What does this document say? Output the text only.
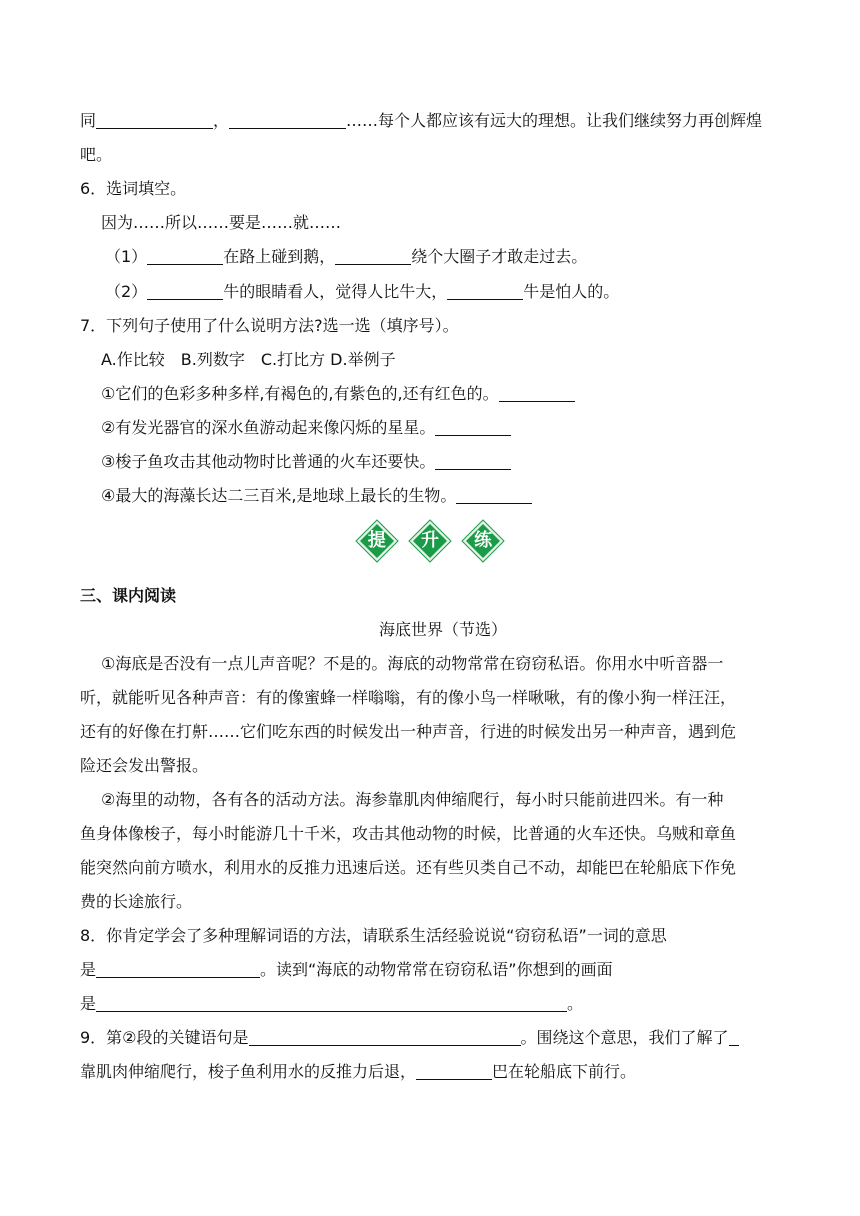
同	，	……每个人都应该有远大的理想。让我们继续努力再创辉煌
吧。
6．选词填空。
因为……所以……要是……就……
（1）	在路上碰到鹅，	绕个大圈子才敢走过去。
（2）	牛的眼睛看人，觉得人比牛大，	牛是怕人的。
7．下列句子使用了什么说明方法?选一选（填序号）。
A.作比较　B.列数字　C.打比方 D.举例子
①它们的色彩多种多样,有褐色的,有紫色的,还有红色的。
②有发光器官的深水鱼游动起来像闪烁的星星。
③梭子鱼攻击其他动物时比普通的火车还要快。
④最大的海藻长达二三百米,是地球上最长的生物。
提
	升
	练
三、课内阅读
海底世界（节选）
①海底是否没有一点儿声音呢？不是的。海底的动物常常在窃窃私语。你用水中听音器一
听，就能听见各种声音：有的像蜜蜂一样嗡嗡，有的像小鸟一样啾啾，有的像小狗一样汪汪，
还有的好像在打鼾……它们吃东西的时候发出一种声音，行进的时候发出另一种声音，遇到危
险还会发出警报。
②海里的动物，各有各的活动方法。海参靠肌肉伸缩爬行，每小时只能前进四米。有一种
鱼身体像梭子，每小时能游几十千米，攻击其他动物的时候，比普通的火车还快。乌贼和章鱼
能突然向前方喷水，利用水的反推力迅速后送。还有些贝类自己不动，却能巴在轮船底下作免
费的长途旅行。
8．你肯定学会了多种理解词语的方法，请联系生活经验说说“窃窃私语”一词的意思
是	。读到“海底的动物常常在窃窃私语”你想到的画面
是	。
9．第②段的关键语句是	。围绕这个意思，我们了解了
靠肌肉伸缩爬行，梭子鱼利用水的反推力后退，	巴在轮船底下前行。
